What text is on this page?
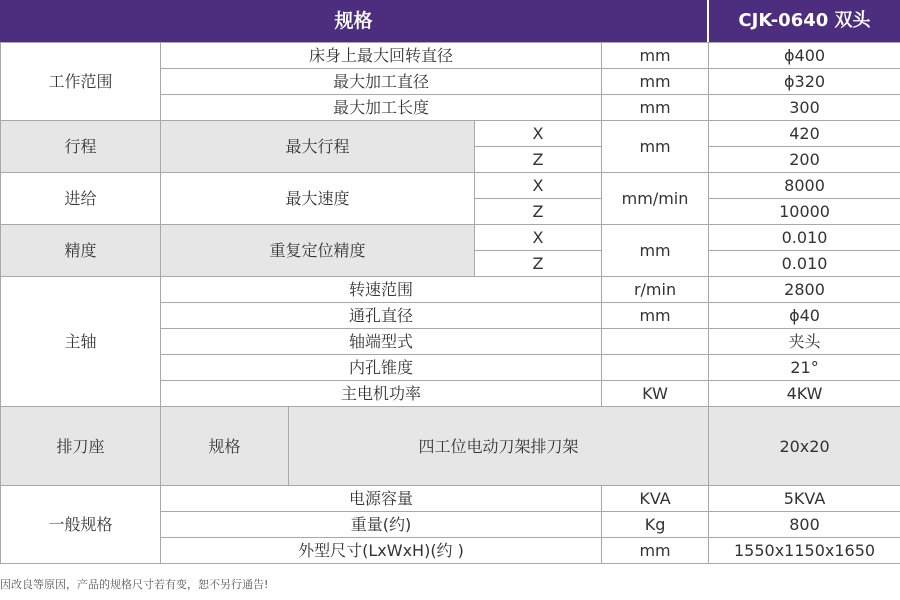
规格	CJK-0640 双头
工作范围	床身上最大回转直径			mm	ϕ400
	最大加工直径			mm	ϕ320
	最大加工长度			mm	300
行程	最大行程		X	mm	420
			Z		200
进给	最大速度		X	mm/min	8000
			Z		10000
精度	重复定位精度		X	mm	0.010
			Z		0.010
主轴	转速范围			r/min	2800
	通孔直径			mm	ϕ40
	轴端型式				夹头
	内孔锥度				21°
	主电机功率			KW	4KW
排刀座	规格	四工位电动刀架排刀架			20x20
一般规格	电源容量			KVA	5KVA
	重量(约)			Kg	800
	外型尺寸(LxWxH)(约 )			mm	1550x1150x1650
因改良等原因，产品的规格尺寸若有变，恕不另行通告!
